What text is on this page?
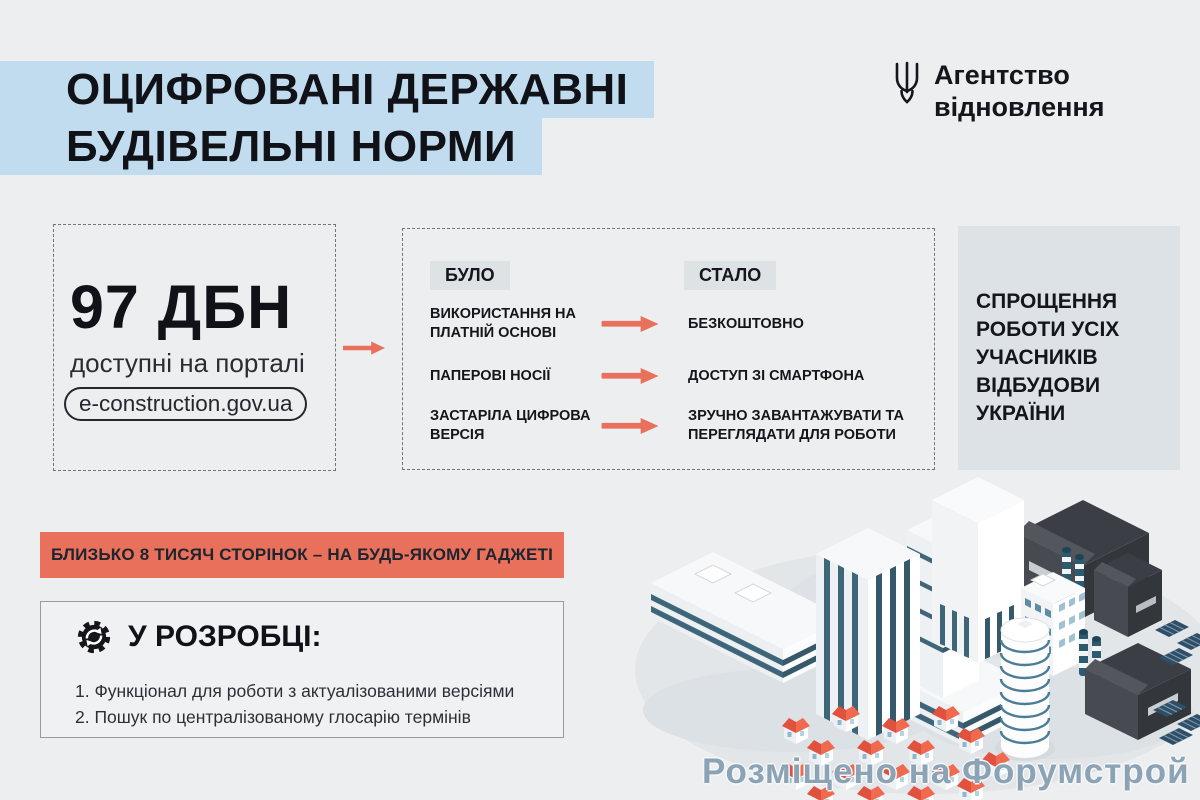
ОЦИФРОВАНІ ДЕРЖАВНІ
БУДІВЕЛЬНІ НОРМИ
Агентство
відновлення
97 ДБН
доступні на порталі
e-construction.gov.ua
БУЛО	СТАЛО
ВИКОРИСТАННЯ НА ПЛАТНІЙ ОСНОВІ
БЕЗКОШТОВНО
ПАПЕРОВІ НОСІЇ	ДОСТУП ЗІ СМАРТФОНА
ЗАСТАРІЛА ЦИФРОВА ВЕРСІЯ
ЗРУЧНО ЗАВАНТАЖУВАТИ ТА ПЕРЕГЛЯДАТИ ДЛЯ РОБОТИ
СПРОЩЕННЯ
РОБОТИ УСІХ
УЧАСНИКІВ
ВІДБУДОВИ
УКРАЇНИ
БЛИЗЬКО 8 ТИСЯЧ СТОРІНОК – НА БУДЬ-ЯКОМУ ГАДЖЕТІ
У РОЗРОБЦІ:
1. Функціонал для роботи з актуалізованими версіями
2. Пошук по централізованому глосарію термінів
Розміщено на Форумстрой
